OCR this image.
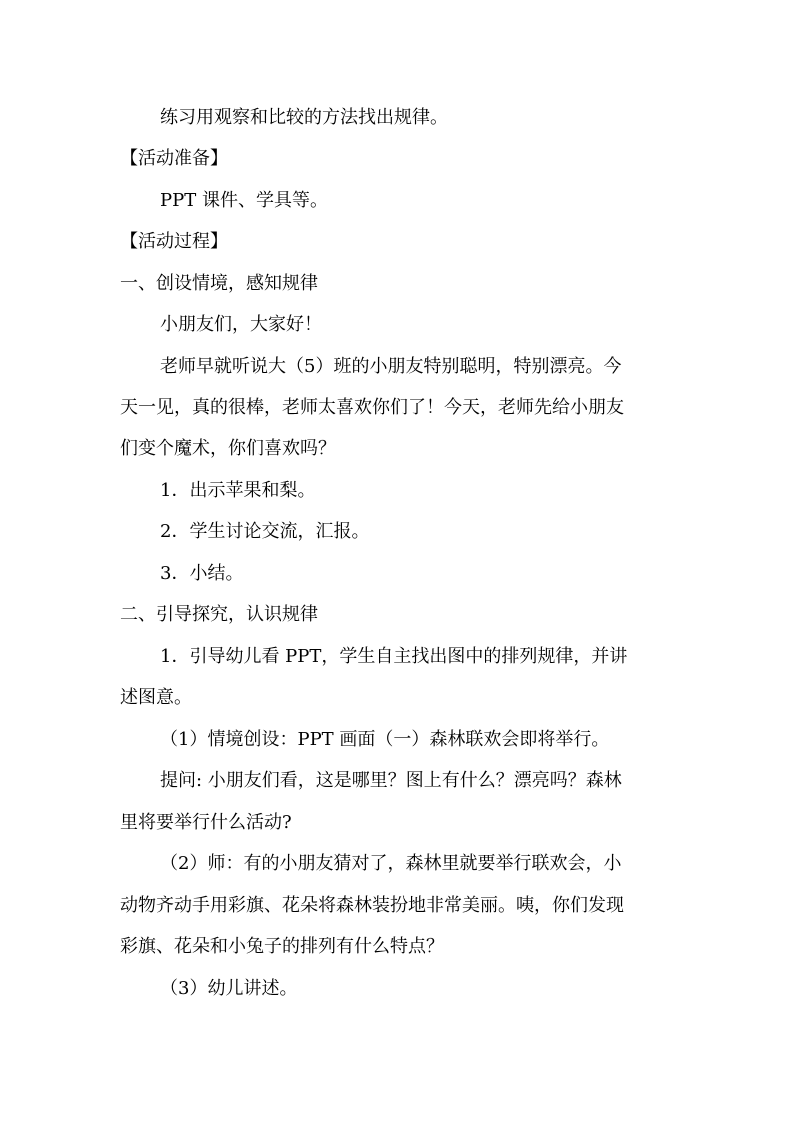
练习用观察和比较的方法找出规律。
【活动准备】
PPT 课件、学具等。
【活动过程】
一、创设情境，感知规律
小朋友们，大家好！
老师早就听说大（5）班的小朋友特别聪明，特别漂亮。今
天一见，真的很棒，老师太喜欢你们了！今天，老师先给小朋友
们变个魔术，你们喜欢吗？
1．出示苹果和梨。
2．学生讨论交流，汇报。
3．小结。
二、引导探究，认识规律
1．引导幼儿看 PPT，学生自主找出图中的排列规律，并讲
述图意。
（1）情境创设：PPT 画面（一）森林联欢会即将举行。
提问: 小朋友们看，这是哪里？图上有什么？漂亮吗？森林
里将要举行什么活动?
（2）师：有的小朋友猜对了，森林里就要举行联欢会，小
动物齐动手用彩旗、花朵将森林装扮地非常美丽。咦，你们发现
彩旗、花朵和小兔子的排列有什么特点？
（3）幼儿讲述。
